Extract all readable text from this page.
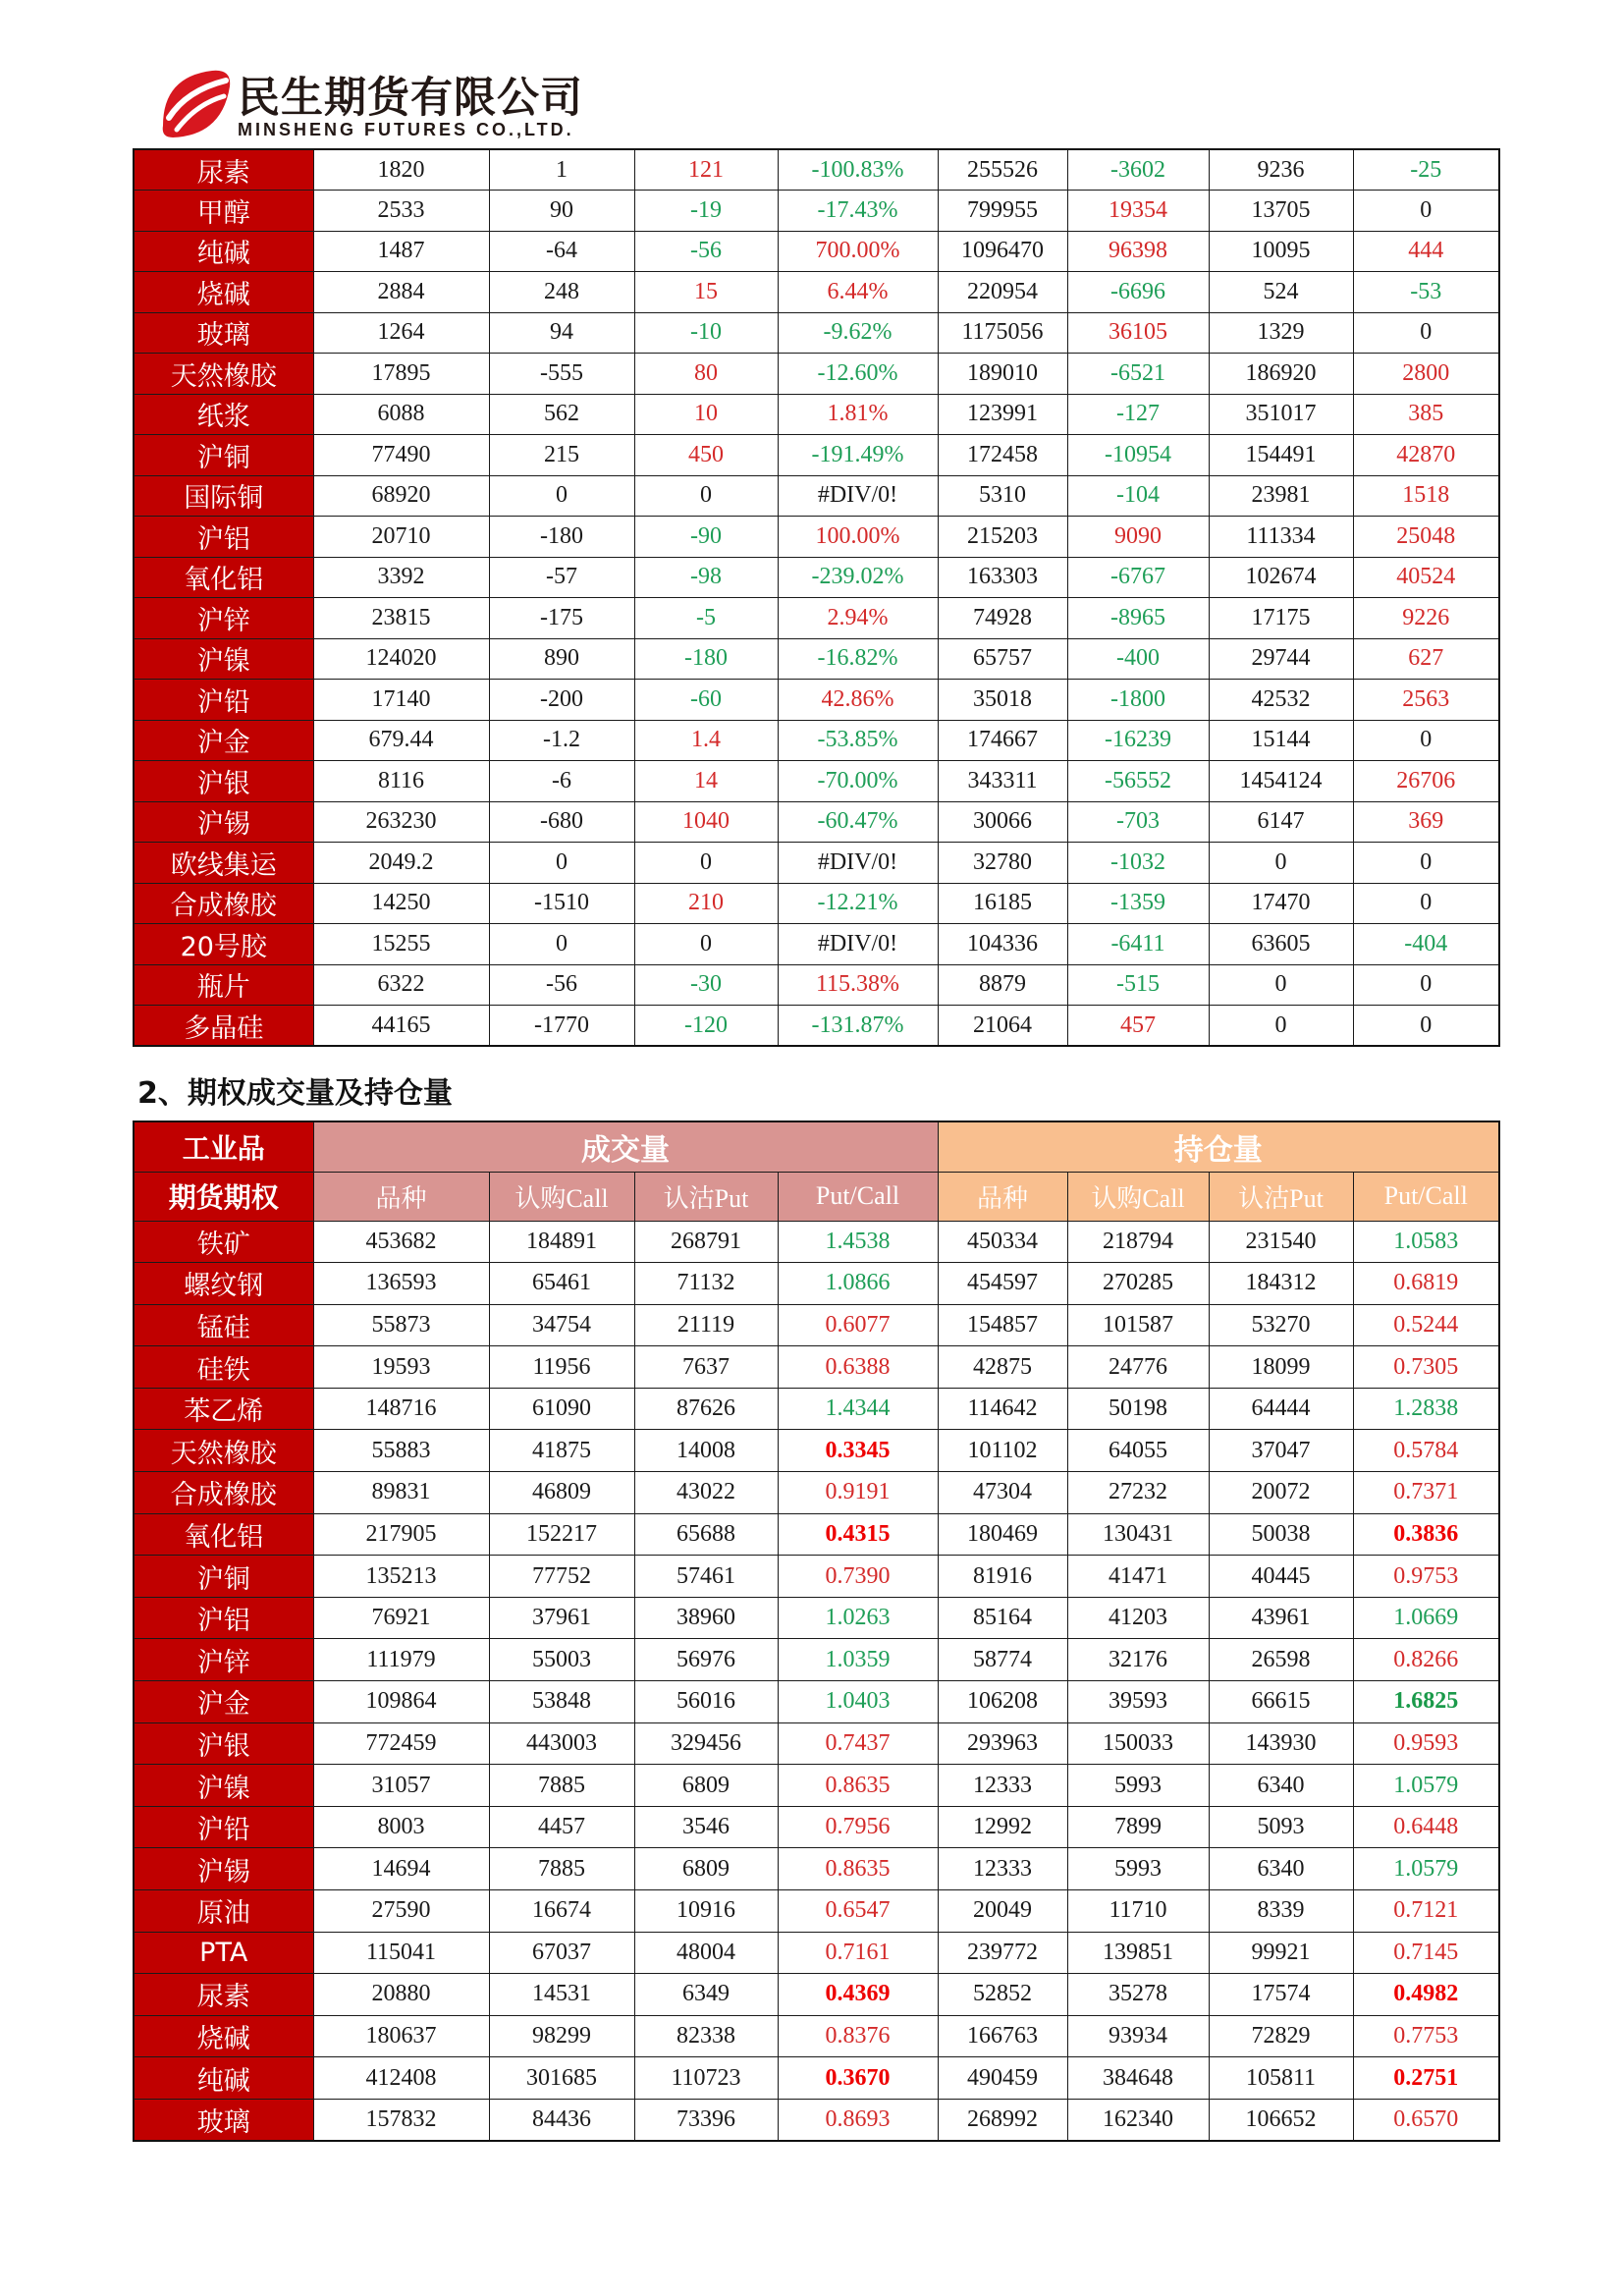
民生期货有限公司
MINSHENG FUTURES CO.,LTD.
尿素	1820	1	121	-100.83%	255526	-3602	9236	-25
甲醇	2533	90	-19	-17.43%	799955	19354	13705	0
纯碱	1487	-64	-56	700.00%	1096470	96398	10095	444
烧碱	2884	248	15	6.44%	220954	-6696	524	-53
玻璃	1264	94	-10	-9.62%	1175056	36105	1329	0
天然橡胶	17895	-555	80	-12.60%	189010	-6521	186920	2800
纸浆	6088	562	10	1.81%	123991	-127	351017	385
沪铜	77490	215	450	-191.49%	172458	-10954	154491	42870
国际铜	68920	0	0	#DIV/0!	5310	-104	23981	1518
沪铝	20710	-180	-90	100.00%	215203	9090	111334	25048
氧化铝	3392	-57	-98	-239.02%	163303	-6767	102674	40524
沪锌	23815	-175	-5	2.94%	74928	-8965	17175	9226
沪镍	124020	890	-180	-16.82%	65757	-400	29744	627
沪铅	17140	-200	-60	42.86%	35018	-1800	42532	2563
沪金	679.44	-1.2	1.4	-53.85%	174667	-16239	15144	0
沪银	8116	-6	14	-70.00%	343311	-56552	1454124	26706
沪锡	263230	-680	1040	-60.47%	30066	-703	6147	369
欧线集运	2049.2	0	0	#DIV/0!	32780	-1032	0	0
合成橡胶	14250	-1510	210	-12.21%	16185	-1359	17470	0
20号胶	15255	0	0	#DIV/0!	104336	-6411	63605	-404
瓶片	6322	-56	-30	115.38%	8879	-515	0	0
多晶硅	44165	-1770	-120	-131.87%	21064	457	0	0
2、期权成交量及持仓量
工业品	成交量				持仓量			
期货期权	品种	认购Call	认沽Put	Put/Call	品种	认购Call	认沽Put	Put/Call
铁矿	453682	184891	268791	1.4538	450334	218794	231540	1.0583
螺纹钢	136593	65461	71132	1.0866	454597	270285	184312	0.6819
锰硅	55873	34754	21119	0.6077	154857	101587	53270	0.5244
硅铁	19593	11956	7637	0.6388	42875	24776	18099	0.7305
苯乙烯	148716	61090	87626	1.4344	114642	50198	64444	1.2838
天然橡胶	55883	41875	14008	0.3345	101102	64055	37047	0.5784
合成橡胶	89831	46809	43022	0.9191	47304	27232	20072	0.7371
氧化铝	217905	152217	65688	0.4315	180469	130431	50038	0.3836
沪铜	135213	77752	57461	0.7390	81916	41471	40445	0.9753
沪铝	76921	37961	38960	1.0263	85164	41203	43961	1.0669
沪锌	111979	55003	56976	1.0359	58774	32176	26598	0.8266
沪金	109864	53848	56016	1.0403	106208	39593	66615	1.6825
沪银	772459	443003	329456	0.7437	293963	150033	143930	0.9593
沪镍	31057	7885	6809	0.8635	12333	5993	6340	1.0579
沪铅	8003	4457	3546	0.7956	12992	7899	5093	0.6448
沪锡	14694	7885	6809	0.8635	12333	5993	6340	1.0579
原油	27590	16674	10916	0.6547	20049	11710	8339	0.7121
PTA	115041	67037	48004	0.7161	239772	139851	99921	0.7145
尿素	20880	14531	6349	0.4369	52852	35278	17574	0.4982
烧碱	180637	98299	82338	0.8376	166763	93934	72829	0.7753
纯碱	412408	301685	110723	0.3670	490459	384648	105811	0.2751
玻璃	157832	84436	73396	0.8693	268992	162340	106652	0.6570
